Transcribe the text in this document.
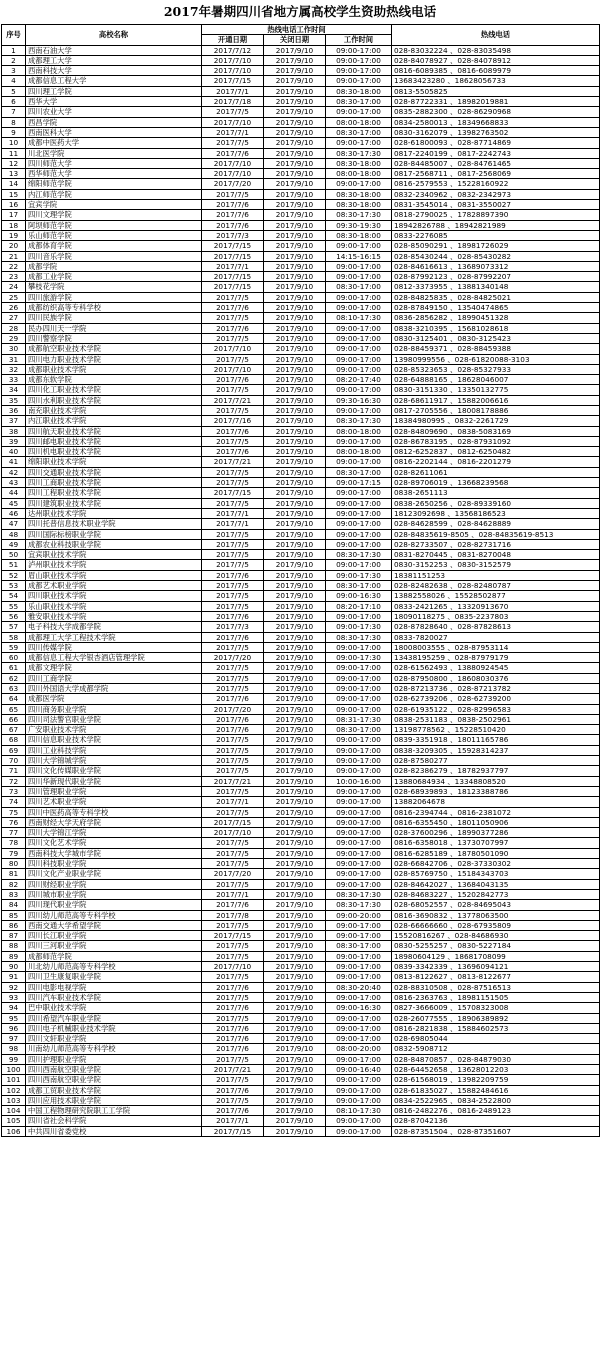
2017年暑期四川省地方属高校学生资助热线电话
序号	高校名称	热线电话工作时间			热线电话
		开通日期	关闭日期	工作时间	
1	西南石油大学	2017/7/12	2017/9/10	09:00-17:00	028-83032224 、028-83035498
2	成都理工大学	2017/7/10	2017/9/10	09:00-17:00	028-84078927 、028-84078912
3	西南科技大学	2017/7/10	2017/9/10	09:00-17:00	0816-6089385 、0816-6089979
4	成都信息工程大学	2017/7/15	2017/9/10	09:00-17:00	13683423280 、18628056733
5	四川理工学院	2017/7/1	2017/9/10	08:30-18:00	0813-5505825
6	西华大学	2017/7/18	2017/9/10	08:30-17:00	028-87722331 、18982019881
7	四川农业大学	2017/7/5	2017/9/10	09:00-17:00	0835-2882300 、028-86290968
8	西昌学院	2017/7/10	2017/9/10	08:00-18:00	0834-2580013 、18349668833
9	西南医科大学	2017/7/1	2017/9/10	08:30-17:00	0830-3162079 、13982763502
10	成都中医药大学	2017/7/5	2017/9/10	09:00-17:00	028-61800093 、028-87714869
11	川北医学院	2017/7/6	2017/9/10	08:30-17:30	0817-2240199 、0817-2242743
12	四川师范大学	2017/7/10	2017/9/10	08:30-18:00	028-84485007 、028-84761465
13	西华师范大学	2017/7/10	2017/9/10	08:00-18:00	0817-2568711 、0817-2568069
14	绵阳师范学院	2017/7/20	2017/9/10	09:00-17:00	0816-2579553 、15228160922
15	内江师范学院	2017/7/5	2017/9/10	08:30-18:00	0832-2340962 、0832-2342973
16	宜宾学院	2017/7/6	2017/9/10	08:30-18:00	0831-3545014 、0831-3550027
17	四川文理学院	2017/7/6	2017/9/10	08:30-17:30	0818-2790025 、17828897390
18	阿坝师范学院	2017/7/6	2017/9/10	09:30-19:30	18942826788 、18942821989
19	乐山师范学院	2017/7/3	2017/9/10	08:30-18:00	0833-2276085
20	成都体育学院	2017/7/15	2017/9/10	09:00-17:00	028-85090291 、18981726029
21	四川音乐学院	2017/7/15	2017/9/10	14:15-16:15	028-85430244 、028-85430282
22	成都学院	2017/7/1	2017/9/10	09:00-17:00	028-84616613 、13689073312
23	成都工业学院	2017/7/15	2017/9/10	09:00-17:00	028-87992123 、028-87992207
24	攀枝花学院	2017/7/15	2017/9/10	08:30-17:00	0812-3373955 、13881340148
25	四川旅游学院	2017/7/5	2017/9/10	09:00-17:00	028-84825835 、028-84825021
26	成都纺织高等专科学校	2017/7/6	2017/9/10	09:00-17:00	028-87849150 、13540474865
27	四川民族学院	2017/7/5	2017/9/10	08:10-17:30	0836-2856282 、18990451328
28	民办四川天一学院	2017/7/6	2017/9/10	09:00-17:00	0838-3210395 、15681028618
29	四川警察学院	2017/7/5	2017/9/10	09:00-17:00	0830-3125401 、0830-3125423
30	成都航空职业技术学院	2017/7/10	2017/9/10	09:00-17:00	028-88459371 、028-88459388
31	四川电力职业技术学院	2017/7/5	2017/9/10	09:00-17:00	13980999556 、028-61820088-3103
32	成都职业技术学院	2017/7/10	2017/9/10	09:00-17:00	028-85323653 、028-85327933
33	成都东软学院	2017/7/6	2017/9/10	08:20-17:40	028-64888165 、18628046007
34	四川化工职业技术学院	2017/7/5	2017/9/10	09:00-17:00	0830-3151330 、13350132775
35	四川水利职业技术学院	2017/7/21	2017/9/10	09:30-16:30	028-68611917 、15882006616
36	南充职业技术学院	2017/7/5	2017/9/10	09:00-17:00	0817-2705556 、18008178886
37	内江职业技术学院	2017/7/16	2017/9/10	08:30-17:30	18384980995 、0832-2261729
38	四川航天职业技术学院	2017/7/6	2017/9/10	08:00-18:00	028-84809690 、0838-5083169
39	四川邮电职业技术学院	2017/7/5	2017/9/10	09:00-17:00	028-86783195 、028-87931092
40	四川机电职业技术学院	2017/7/6	2017/9/10	08:00-18:00	0812-6252837 、0812-6250482
41	绵阳职业技术学院	2017/7/21	2017/9/10	09:00-17:00	0816-2202144 、0816-2201279
42	四川交通职业技术学院	2017/7/5	2017/9/10	08:30-17:00	028-82611061
43	四川工商职业技术学院	2017/7/5	2017/9/10	09:00-17:15	028-89706019 、13668239568
44	四川工程职业技术学院	2017/7/15	2017/9/10	09:00-17:00	0838-2651113
45	四川建筑职业技术学院	2017/7/5	2017/9/10	09:00-17:00	0838-2650256 、028-89339160
46	达州职业技术学院	2017/7/1	2017/9/10	09:00-17:00	18123092698 、13568186523
47	四川托普信息技术职业学院	2017/7/1	2017/9/10	09:00-17:00	028-84628599 、028-84628889
48	四川国际标榜职业学院	2017/7/5	2017/9/10	09:00-17:00	028-84835619-8505 、028-84835619-8513
49	成都农业科技职业学院	2017/7/5	2017/9/10	09:00-17:00	028-82733507 、028-82731716
50	宜宾职业技术学院	2017/7/5	2017/9/10	08:30-17:30	0831-8270445 、0831-8270048
51	泸州职业技术学院	2017/7/5	2017/9/10	09:00-17:00	0830-3152253 、0830-3152579
52	眉山职业技术学院	2017/7/6	2017/9/10	09:00-17:30	18381151253
53	成都艺术职业学院	2017/7/5	2017/9/10	08:30-17:00	028-82482638 、028-82480787
54	四川职业技术学院	2017/7/5	2017/9/10	09:00-16:30	13882558026 、15528502877
55	乐山职业技术学院	2017/7/5	2017/9/10	08:20-17:10	0833-2421265 、13320913670
56	雅安职业技术学院	2017/7/6	2017/9/10	09:00-17:00	18090118275 、0835-2237803
57	电子科技大学成都学院	2017/7/3	2017/9/10	09:00-17:30	028-87828640 、028-87828613
58	成都理工大学工程技术学院	2017/7/6	2017/9/10	08:30-17:30	0833-7820027
59	四川传媒学院	2017/7/5	2017/9/10	09:00-17:00	18008003555 、028-87953114
60	成都信息工程大学银杏酒店管理学院	2017/7/20	2017/9/10	09:00-17:30	13438195259 、028-87979179
61	成都文理学院	2017/7/5	2017/9/10	09:00-17:00	028-61562493 、13880924545
62	四川工商学院	2017/7/5	2017/9/10	09:00-17:00	028-87950800 、18608030376
63	四川外国语大学成都学院	2017/7/5	2017/9/10	09:00-17:00	028-87213736 、028-87213782
64	成都医学院	2017/7/6	2017/9/10	09:00-17:00	028-62739206 、028-62739200
65	四川商务职业学院	2017/7/20	2017/9/10	09:00-17:00	028-61935122 、028-82996583
66	四川司法警官职业学院	2017/7/6	2017/9/10	08:31-17:30	0838-2531183 、0838-2502961
67	广安职业技术学院	2017/7/6	2017/9/10	08:30-17:00	13198778562 、15228510420
68	四川信息职业技术学院	2017/7/5	2017/9/10	09:00-17:00	0839-3351918 、18011165786
69	四川工业科技学院	2017/7/5	2017/9/10	09:00-17:00	0838-3209305 、15928314237
70	四川大学锦城学院	2017/7/5	2017/9/10	09:00-17:00	028-87580277
71	四川文化传媒职业学院	2017/7/5	2017/9/10	09:00-17:00	028-82386279 、18782937797
72	四川华新现代职业学院	2017/7/21	2017/9/10	10:00-16:00	13880684934 、13348808520
73	四川管理职业学院	2017/7/5	2017/9/10	09:00-17:00	028-68939893 、18123388786
74	四川艺术职业学院	2017/7/1	2017/9/10	09:00-17:00	13882064678
75	四川中医药高等专科学校	2017/7/5	2017/9/10	09:00-17:00	0816-2394744 、0816-2381072
76	西南财经大学天府学院	2017/7/15	2017/9/10	09:00-17:00	0816-6355450 、18011050906
77	四川大学锦江学院	2017/7/10	2017/9/10	09:00-17:00	028-37600296 、18990377286
78	四川文化艺术学院	2017/7/5	2017/9/10	09:00-17:00	0816-6358018 、13730707997
79	西南科技大学城市学院	2017/7/5	2017/9/10	09:00-17:00	0816-6285189 、18780501090
80	四川科技职业学院	2017/7/5	2017/9/10	09:00-17:00	028-66842706 、028-37330302
81	四川文化产业职业学院	2017/7/20	2017/9/10	09:00-17:00	028-85769750 、15184343703
82	四川财经职业学院	2017/7/5	2017/9/10	09:00-17:00	028-84642027 、13684043135
83	四川城市职业学院	2017/7/1	2017/9/10	08:30-17:30	028-84683227 、15202842773
84	四川现代职业学院	2017/7/6	2017/9/10	08:30-17:30	028-68052557 、028-84695043
85	四川幼儿师范高等专科学校	2017/7/8	2017/9/10	09:00-20:00	0816-3690832 、13778063500
86	西南交通大学希望学院	2017/7/5	2017/9/10	09:00-17:00	028-66666660 、028-67935809
87	四川长江职业学院	2017/7/15	2017/9/10	09:00-17:00	15520816267 、028-84686930
88	四川三河职业学院	2017/7/5	2017/9/10	08:30-17:00	0830-5255257 、0830-5227184
89	成都师范学院	2017/7/5	2017/9/10	09:00-17:00	18980604129 、18681708099
90	川北幼儿师范高等专科学校	2017/7/10	2017/9/10	09:00-17:00	0839-3342339 、13696094121
91	四川卫生康复职业学院	2017/7/5	2017/9/10	09:00-17:00	0813-8122627 、0813-8122677
92	四川电影电视学院	2017/7/6	2017/9/10	08:30-20:40	028-88310508 、028-87516513
93	四川汽车职业技术学院	2017/7/5	2017/9/10	09:00-17:00	0816-2363763 、18981151505
94	巴中职业技术学院	2017/7/6	2017/9/10	09:00-16:30	0827-3666009 、15708323008
95	四川希望汽车职业学院	2017/7/5	2017/9/10	09:00-17:00	028-26077555 、18906389892
96	四川电子机械职业技术学院	2017/7/6	2017/9/10	09:00-17:00	0816-2821838 、15884602573
97	四川文轩职业学院	2017/7/6	2017/9/10	09:00-17:00	028-69805044
98	川南幼儿师范高等专科学校	2017/7/6	2017/9/10	08:00-20:00	0832-5908712
99	四川护理职业学院	2017/7/5	2017/9/10	09:00-17:00	028-84870857 、028-84879030
100	四川西南航空职业学院	2017/7/21	2017/9/10	09:00-16:40	028-64452658 、13628012203
101	四川西南航空职业学院	2017/7/5	2017/9/10	09:00-17:00	028-61568019 、13982209759
102	成都工贸职业技术学院	2017/7/6	2017/9/10	09:00-17:00	028-61835027 、15882484616
103	四川应用技术职业学院	2017/7/5	2017/9/10	09:00-17:00	0834-2522965 、0834-2522800
104	中国工程物理研究院职工工学院	2017/7/6	2017/9/10	08:10-17:30	0816-2482276 、0816-2489123
105	四川省社会科学院	2017/7/1	2017/9/10	09:00-17:00	028-87042136
106	中共四川省委党校	2017/7/15	2017/9/10	09:00-17:00	028-87351504 、028-87351607
